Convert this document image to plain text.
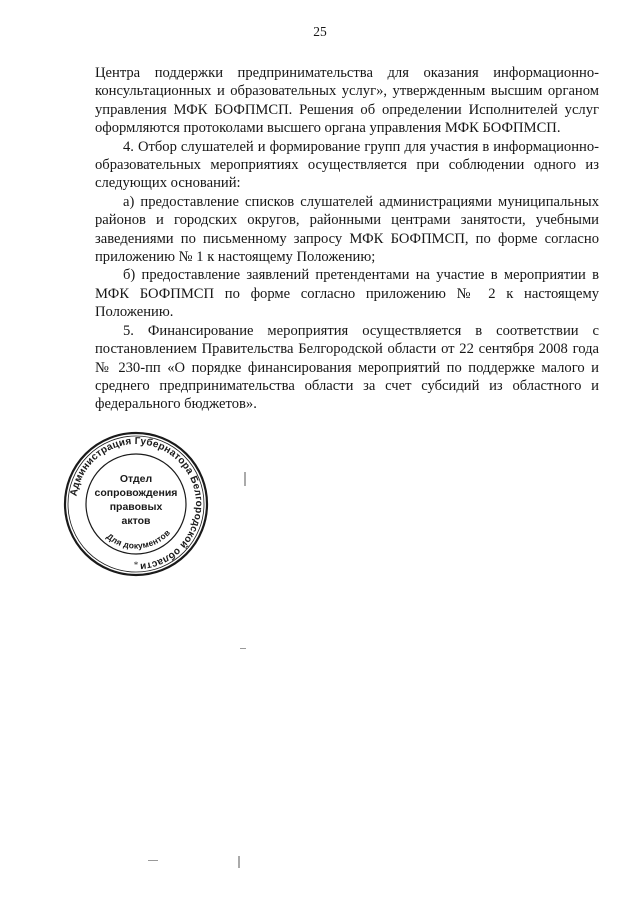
25

Центра поддержки предпринимательства для оказания информационно-консультационных и образовательных услуг», утвержденным высшим органом управления МФК БОФПМСП. Решения об определении Исполнителей услуг оформляются протоколами высшего органа управления МФК БОФПМСП.

4. Отбор слушателей и формирование групп для участия в информационно-образовательных мероприятиях осуществляется при соблюдении одного из следующих оснований:

а) предоставление списков слушателей администрациями муниципальных районов и городских округов, районными центрами занятости, учебными заведениями по письменному запросу МФК БОФПМСП, по форме согласно приложению № 1 к настоящему Положению;

б) предоставление заявлений претендентами на участие в мероприятии в МФК БОФПМСП по форме согласно приложению № 2 к настоящему Положению.

5. Финансирование мероприятия осуществляется в соответствии с постановлением Правительства Белгородской области от 22 сентября 2008 года № 230-пп «О порядке финансирования мероприятий по поддержке малого и среднего предпринимательства области за счет субсидий из областного и федерального бюджетов».

Администрация Губернатора Белгородской области
Для документов
Отдел
сопровождения
правовых
актов
*
